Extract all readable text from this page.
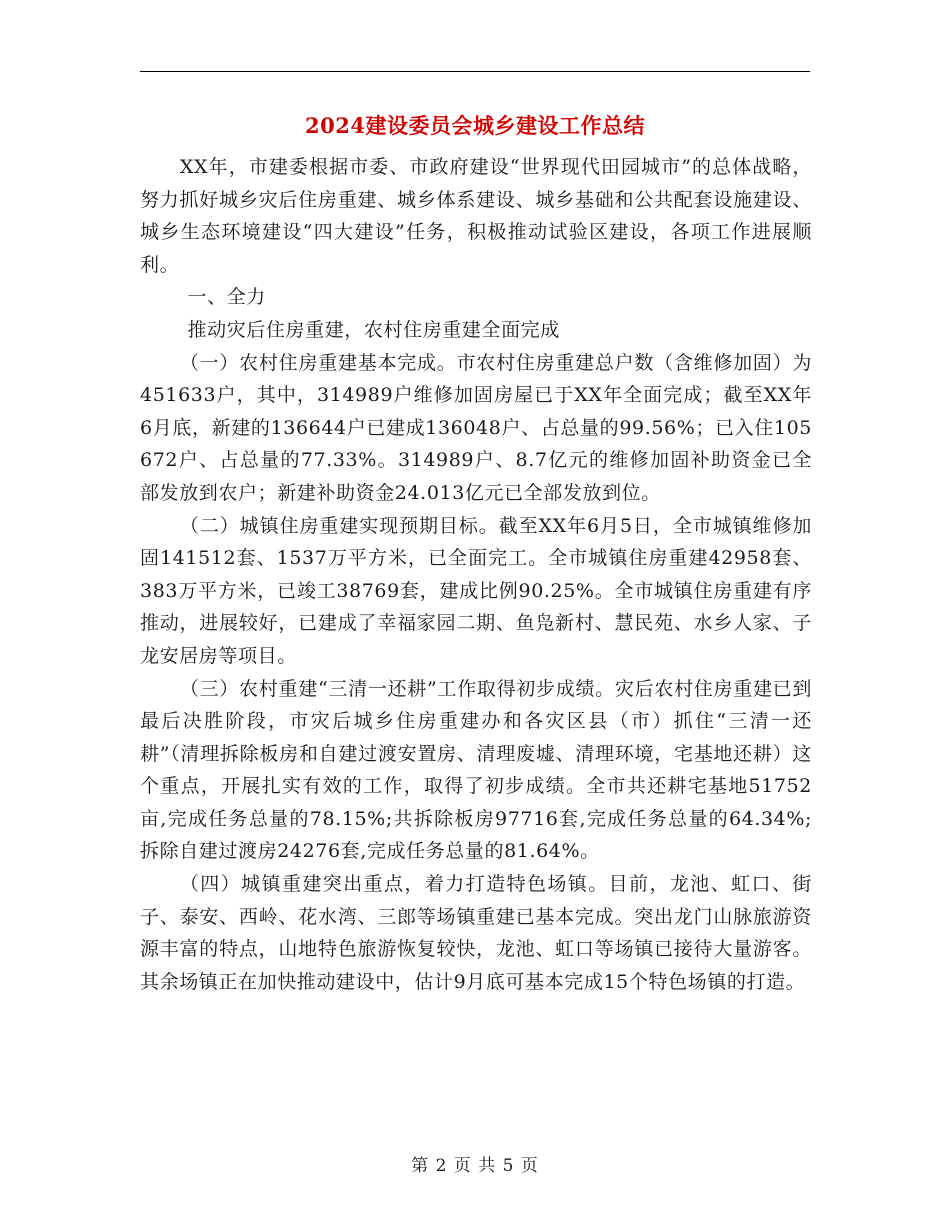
2024建设委员会城乡建设工作总结

XX年，市建委根据市委、市政府建设“世界现代田园城市”的总体战略，努力抓好城乡灾后住房重建、城乡体系建设、城乡基础和公共配套设施建设、城乡生态环境建设“四大建设”任务，积极推动试验区建设，各项工作进展顺利。

一、全力

推动灾后住房重建，农村住房重建全面完成

（一）农村住房重建基本完成。市农村住房重建总户数（含维修加固）为451633户，其中，314989户维修加固房屋已于XX年全面完成；截至XX年6月底，新建的136644户已建成136048户、占总量的99.56%；已入住105672户、占总量的77.33%。314989户、8.7亿元的维修加固补助资金已全部发放到农户；新建补助资金24.013亿元已全部发放到位。

（二）城镇住房重建实现预期目标。截至XX年6月5日，全市城镇维修加固141512套、1537万平方米，已全面完工。全市城镇住房重建42958套、383万平方米，已竣工38769套，建成比例90.25%。全市城镇住房重建有序推动，进展较好，已建成了幸福家园二期、鱼凫新村、慧民苑、水乡人家、子龙安居房等项目。

（三）农村重建“三清一还耕”工作取得初步成绩。灾后农村住房重建已到最后决胜阶段，市灾后城乡住房重建办和各灾区县（市）抓住“三清一还耕”（清理拆除板房和自建过渡安置房、清理废墟、清理环境，宅基地还耕）这个重点，开展扎实有效的工作，取得了初步成绩。全市共还耕宅基地51752亩,完成任务总量的78.15%;共拆除板房97716套,完成任务总量的64.34%;拆除自建过渡房24276套,完成任务总量的81.64%。

（四）城镇重建突出重点，着力打造特色场镇。目前，龙池、虹口、街子、泰安、西岭、花水湾、三郎等场镇重建已基本完成。突出龙门山脉旅游资源丰富的特点，山地特色旅游恢复较快，龙池、虹口等场镇已接待大量游客。其余场镇正在加快推动建设中，估计9月底可基本完成15个特色场镇的打造。

第 2 页 共 5 页
